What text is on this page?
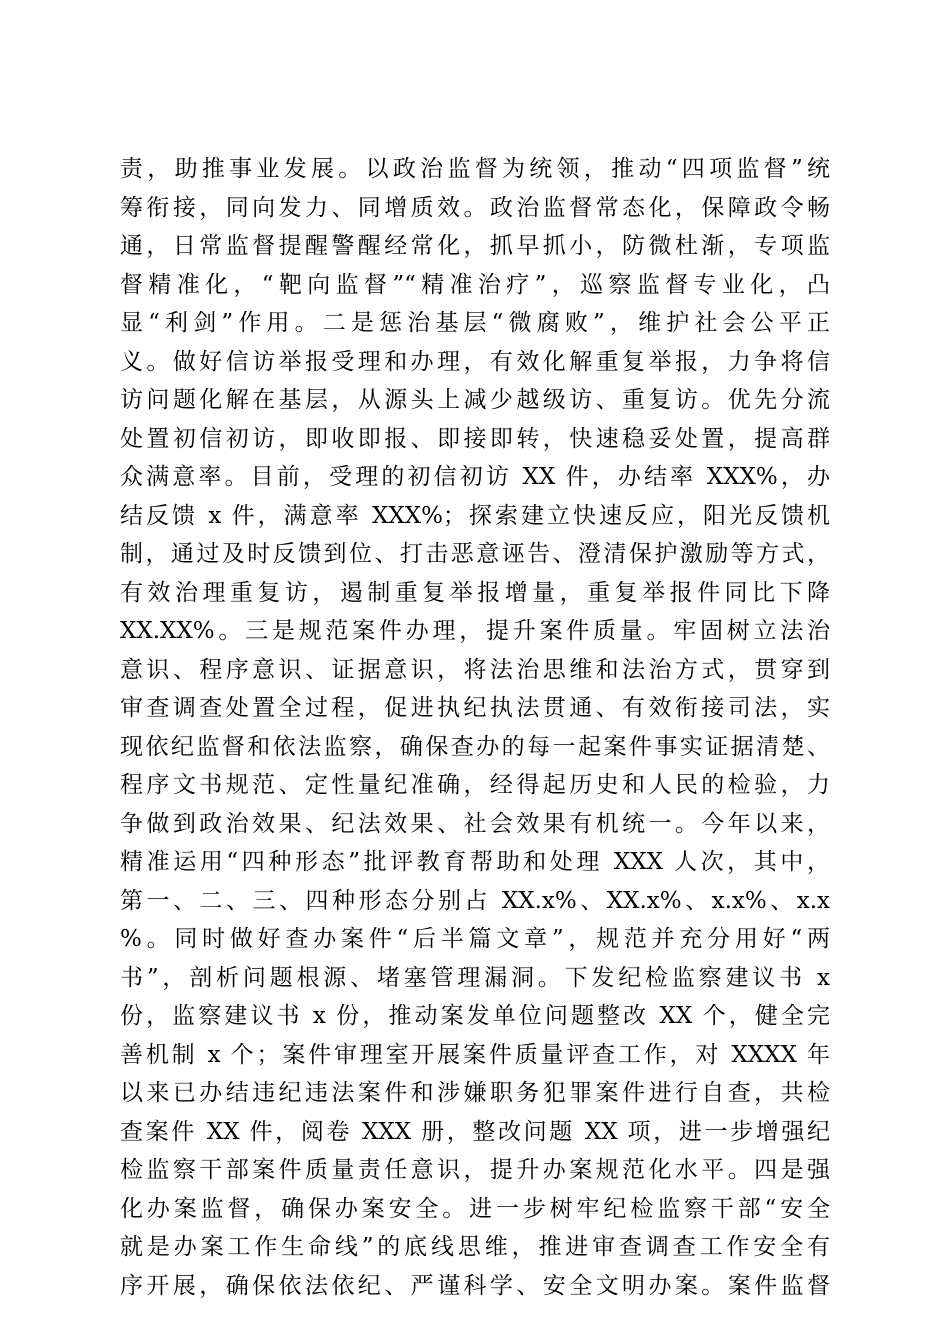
责，助推事业发展。以政治监督为统领，推动“四项监督”统
筹衔接，同向发力、同增质效。政治监督常态化，保障政令畅
通，日常监督提醒警醒经常化，抓早抓小，防微杜渐，专项监
督精准化，“靶向监督”“精准治疗”，巡察监督专业化，凸
显“利剑”作用。二是惩治基层“微腐败”，维护社会公平正
义。做好信访举报受理和办理，有效化解重复举报，力争将信
访问题化解在基层，从源头上减少越级访、重复访。优先分流
处置初信初访，即收即报、即接即转，快速稳妥处置，提高群
众满意率。目前，受理的初信初访 XX 件，办结率 XXX%，办
结反馈 x 件，满意率 XXX%；探索建立快速反应，阳光反馈机
制，通过及时反馈到位、打击恶意诬告、澄清保护激励等方式，
有效治理重复访，遏制重复举报增量，重复举报件同比下降
XX.XX%。三是规范案件办理，提升案件质量。牢固树立法治
意识、程序意识、证据意识，将法治思维和法治方式，贯穿到
审查调查处置全过程，促进执纪执法贯通、有效衔接司法，实
现依纪监督和依法监察，确保查办的每一起案件事实证据清楚、
程序文书规范、定性量纪准确，经得起历史和人民的检验，力
争做到政治效果、纪法效果、社会效果有机统一。今年以来，
精准运用“四种形态”批评教育帮助和处理 XXX 人次，其中，
第一、二、三、四种形态分别占 XX.x%、XX.x%、x.x%、x.x
%。同时做好查办案件“后半篇文章”，规范并充分用好“两
书”，剖析问题根源、堵塞管理漏洞。下发纪检监察建议书 x
份，监察建议书 x 份，推动案发单位问题整改 XX 个，健全完
善机制 x 个；案件审理室开展案件质量评查工作，对 XXXX 年
以来已办结违纪违法案件和涉嫌职务犯罪案件进行自查，共检
查案件 XX 件，阅卷 XXX 册，整改问题 XX 项，进一步增强纪
检监察干部案件质量责任意识，提升办案规范化水平。四是强
化办案监督，确保办案安全。进一步树牢纪检监察干部“安全
就是办案工作生命线”的底线思维，推进审查调查工作安全有
序开展，确保依法依纪、严谨科学、安全文明办案。案件监督
